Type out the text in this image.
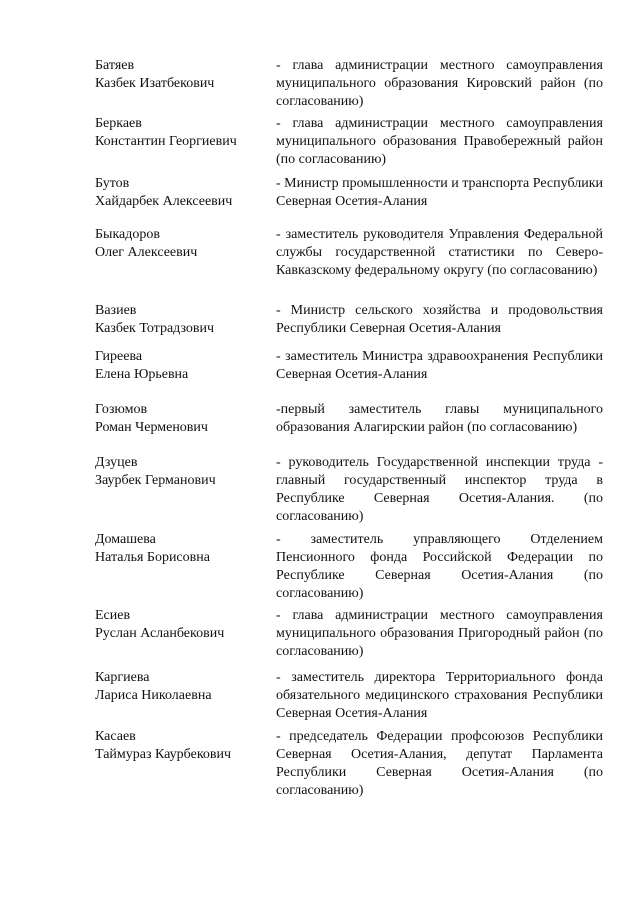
Батяев
Казбек Изатбекович
- глава администрации местного самоуправления муниципального образования Кировский район (по согласованию)
Беркаев
Константин Георгиевич
- глава администрации местного самоуправления муниципального образования Правобережный район (по согласованию)
Бутов
Хайдарбек Алексеевич
- Министр промышленности и транспорта Республики Северная Осетия-Алания
Быкадоров
Олег Алексеевич
- заместитель руководителя Управления Федеральной службы государственной статистики по Северо-Кавказскому федеральному округу (по согласованию)
Вазиев
Казбек Тотрадзович
- Министр сельского хозяйства и продовольствия Республики Северная Осетия-Алания
Гиреева
Елена Юрьевна
- заместитель Министра здравоохранения Республики Северная Осетия-Алания
Гозюмов
Роман Черменович
-первый заместитель главы муниципального образования Алагирскии район (по согласованию)
Дзуцев
Заурбек Германович
- руководитель Государственной инспекции труда - главный государственный инспектор труда в Республике Северная Осетия-Алания. (по согласованию)
Домашева
Наталья Борисовна
- заместитель управляющего Отделением Пенсионного фонда Российской Федерации по Республике Северная Осетия-Алания (по согласованию)
Есиев
Руслан Асланбекович
- глава администрации местного самоуправления муниципального образования Пригородный район (по согласованию)
Каргиева
Лариса Николаевна
- заместитель директора Территориального фонда обязательного медицинского страхования Республики Северная Осетия-Алания
Касаев
Таймураз Каурбекович
- председатель Федерации профсоюзов Республики Северная Осетия-Алания, депутат Парламента Республики Северная Осетия-Алания (по согласованию)
